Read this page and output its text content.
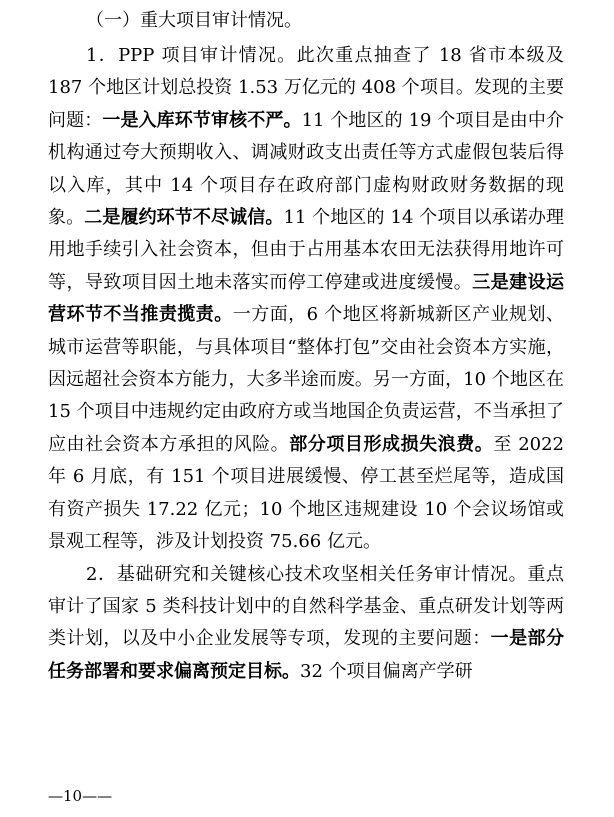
（一）重大项目审计情况。

1．PPP 项目审计情况。此次重点抽查了 18 省市本级及 187 个地区计划总投资 1.53 万亿元的 408 个项目。发现的主要问题：一是入库环节审核不严。11 个地区的 19 个项目是由中介机构通过夸大预期收入、调减财政支出责任等方式虚假包装后得以入库，其中 14 个项目存在政府部门虚构财政财务数据的现象。二是履约环节不尽诚信。11 个地区的 14 个项目以承诺办理用地手续引入社会资本，但由于占用基本农田无法获得用地许可等，导致项目因土地未落实而停工停建或进度缓慢。三是建设运营环节不当推责揽责。一方面，6 个地区将新城新区产业规划、城市运营等职能，与具体项目“整体打包”交由社会资本方实施，因远超社会资本方能力，大多半途而废。另一方面，10 个地区在 15 个项目中违规约定由政府方或当地国企负责运营，不当承担了应由社会资本方承担的风险。部分项目形成损失浪费。至 2022 年 6 月底，有 151 个项目进展缓慢、停工甚至烂尾等，造成国有资产损失 17.22 亿元；10 个地区违规建设 10 个会议场馆或景观工程等，涉及计划投资 75.66 亿元。

2．基础研究和关键核心技术攻坚相关任务审计情况。重点审计了国家 5 类科技计划中的自然科学基金、重点研发计划等两类计划，以及中小企业发展等专项，发现的主要问题：一是部分任务部署和要求偏离预定目标。32 个项目偏离产学研

—10——
